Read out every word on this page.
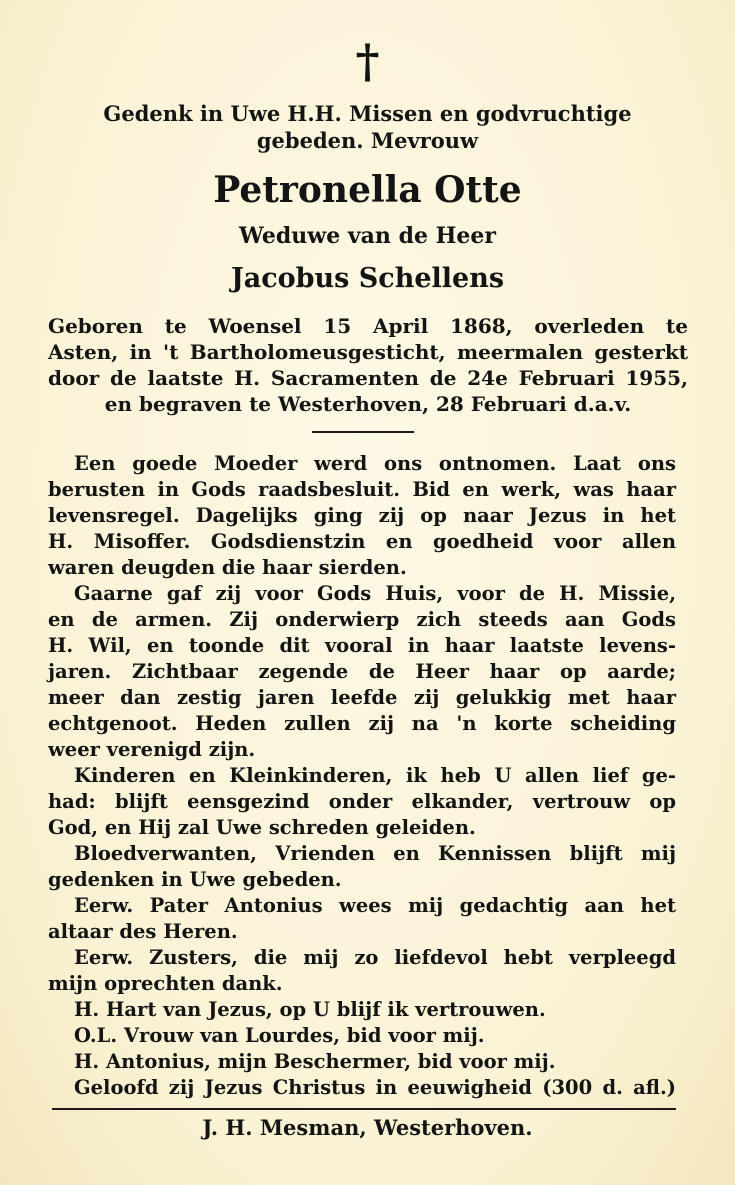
†
Gedenk in Uwe H.H. Missen en godvruchtige
gebeden. Mevrouw
Petronella Otte
Weduwe van de Heer
Jacobus Schellens
Geboren te Woensel 15 April 1868, overleden te
Asten, in 't Bartholomeusgesticht, meermalen gesterkt
door de laatste H. Sacramenten de 24e Februari 1955,
en begraven te Westerhoven, 28 Februari d.a.v.
Een goede Moeder werd ons ontnomen. Laat ons
berusten in Gods raadsbesluit. Bid en werk, was haar
levensregel. Dagelijks ging zij op naar Jezus in het
H. Misoffer. Godsdienstzin en goedheid voor allen
waren deugden die haar sierden.
Gaarne gaf zij voor Gods Huis, voor de H. Missie,
en de armen. Zij onderwierp zich steeds aan Gods
H. Wil, en toonde dit vooral in haar laatste levens-
jaren. Zichtbaar zegende de Heer haar op aarde;
meer dan zestig jaren leefde zij gelukkig met haar
echtgenoot. Heden zullen zij na 'n korte scheiding
weer verenigd zijn.
Kinderen en Kleinkinderen, ik heb U allen lief ge-
had: blijft eensgezind onder elkander, vertrouw op
God, en Hij zal Uwe schreden geleiden.
Bloedverwanten, Vrienden en Kennissen blijft mij
gedenken in Uwe gebeden.
Eerw. Pater Antonius wees mij gedachtig aan het
altaar des Heren.
Eerw. Zusters, die mij zo liefdevol hebt verpleegd
mijn oprechten dank.
H. Hart van Jezus, op U blijf ik vertrouwen.
O.L. Vrouw van Lourdes, bid voor mij.
H. Antonius, mijn Beschermer, bid voor mij.
Geloofd zij Jezus Christus in eeuwigheid (300 d. afl.)
J. H. Mesman, Westerhoven.
